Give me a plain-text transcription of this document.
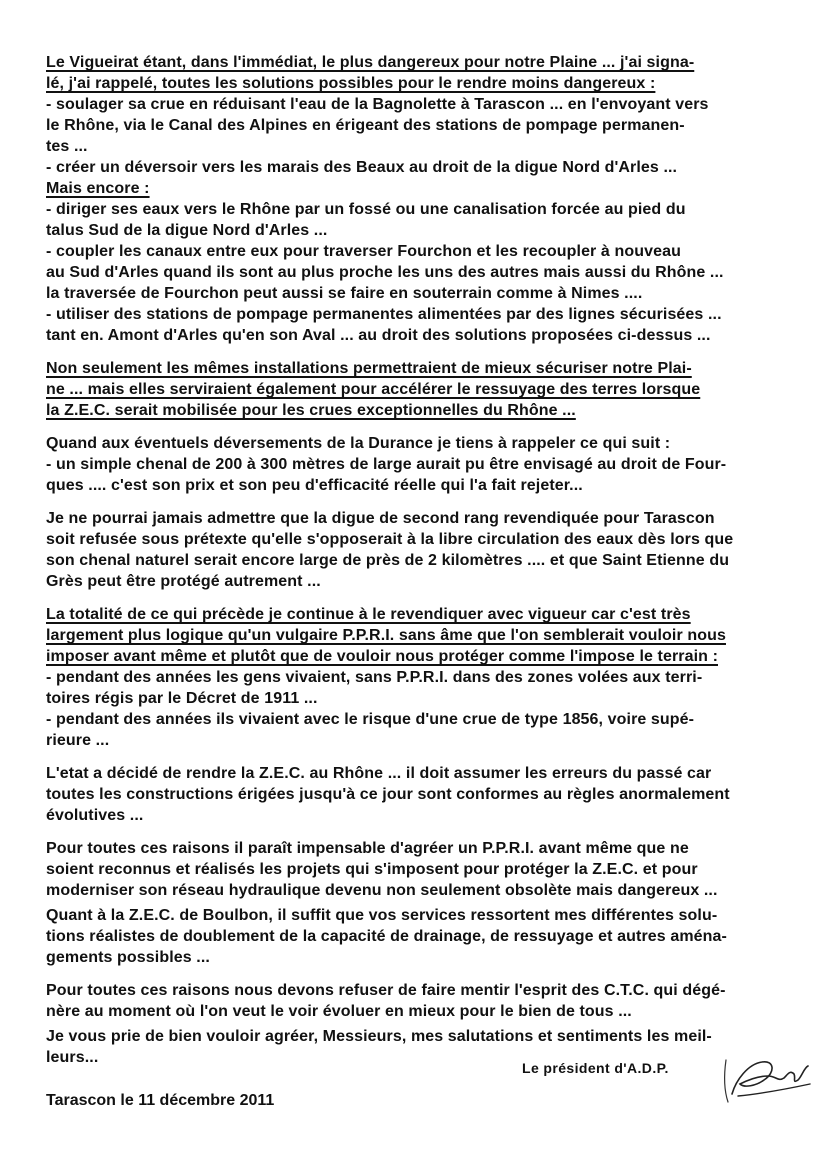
Le Vigueirat étant, dans l'immédiat, le plus dangereux pour notre Plaine ... j'ai signa-
lé, j'ai rappelé, toutes les solutions possibles pour le rendre moins dangereux :
- soulager sa crue en réduisant l'eau de la Bagnolette à Tarascon ... en l'envoyant vers
le Rhône, via le Canal des Alpines en érigeant des stations de pompage permanen-
tes ...
- créer un déversoir vers les marais des Beaux au droit de la digue Nord d'Arles ...
Mais encore :
- diriger ses eaux vers le Rhône par un fossé ou une canalisation forcée au pied du
talus Sud de la digue Nord d'Arles ...
- coupler les canaux entre eux pour traverser Fourchon et les recoupler à nouveau
au Sud d'Arles quand ils sont au plus proche les uns des autres mais aussi du Rhône ...
la traversée de Fourchon peut aussi se faire en souterrain comme à Nimes ....
- utiliser des stations de pompage permanentes alimentées par des lignes sécurisées ...
tant en. Amont d'Arles qu'en son Aval ... au droit des solutions proposées ci-dessus ...

Non seulement les mêmes installations permettraient de mieux sécuriser notre Plai-
ne ... mais elles serviraient également pour accélérer le ressuyage des terres lorsque
la Z.E.C. serait mobilisée pour les crues exceptionnelles du Rhône ...

Quand aux éventuels déversements de la Durance je tiens à rappeler ce qui suit :
- un simple chenal de 200 à 300 mètres de large aurait pu être envisagé au droit de Four-
ques .... c'est son prix et son peu d'efficacité réelle qui l'a fait rejeter...

Je ne pourrai jamais admettre que la digue de second rang revendiquée pour Tarascon
soit refusée sous prétexte qu'elle s'opposerait à la libre circulation des eaux dès lors que
son chenal naturel serait encore large de près de 2 kilomètres .... et que Saint Etienne du
Grès peut être protégé autrement ...

La totalité de ce qui précède je continue à le revendiquer avec vigueur car c'est très
largement plus logique qu'un vulgaire P.P.R.I. sans âme que l'on semblerait vouloir nous
imposer avant même et plutôt que de vouloir nous protéger comme l'impose le terrain :
- pendant des années les gens vivaient, sans P.P.R.I. dans des zones volées aux terri-
toires régis par le Décret de 1911 ...
- pendant des années ils vivaient avec le risque d'une crue de type 1856, voire supé-
rieure ...

L'etat a décidé de rendre la Z.E.C. au Rhône ... il doit assumer les erreurs du passé car
toutes les constructions érigées jusqu'à ce jour sont conformes au règles anormalement
évolutives ...

Pour toutes ces raisons il paraît impensable d'agréer un P.P.R.I. avant même que ne
soient reconnus et réalisés les projets qui s'imposent pour protéger la Z.E.C. et pour
moderniser son réseau hydraulique devenu non seulement obsolète mais dangereux ...

Quant à la Z.E.C. de Boulbon, il suffit que vos services ressortent mes différentes solu-
tions réalistes de doublement de la capacité de drainage, de ressuyage et autres aména-
gements possibles ...

Pour toutes ces raisons nous devons refuser de faire mentir l'esprit des C.T.C. qui dégé-
nère au moment où l'on veut le voir évoluer en mieux pour le bien de tous ...

Je vous prie de bien vouloir agréer, Messieurs, mes salutations et sentiments les meil-
leurs...

Le président d'A.D.P.
Tarascon le 11 décembre 2011
